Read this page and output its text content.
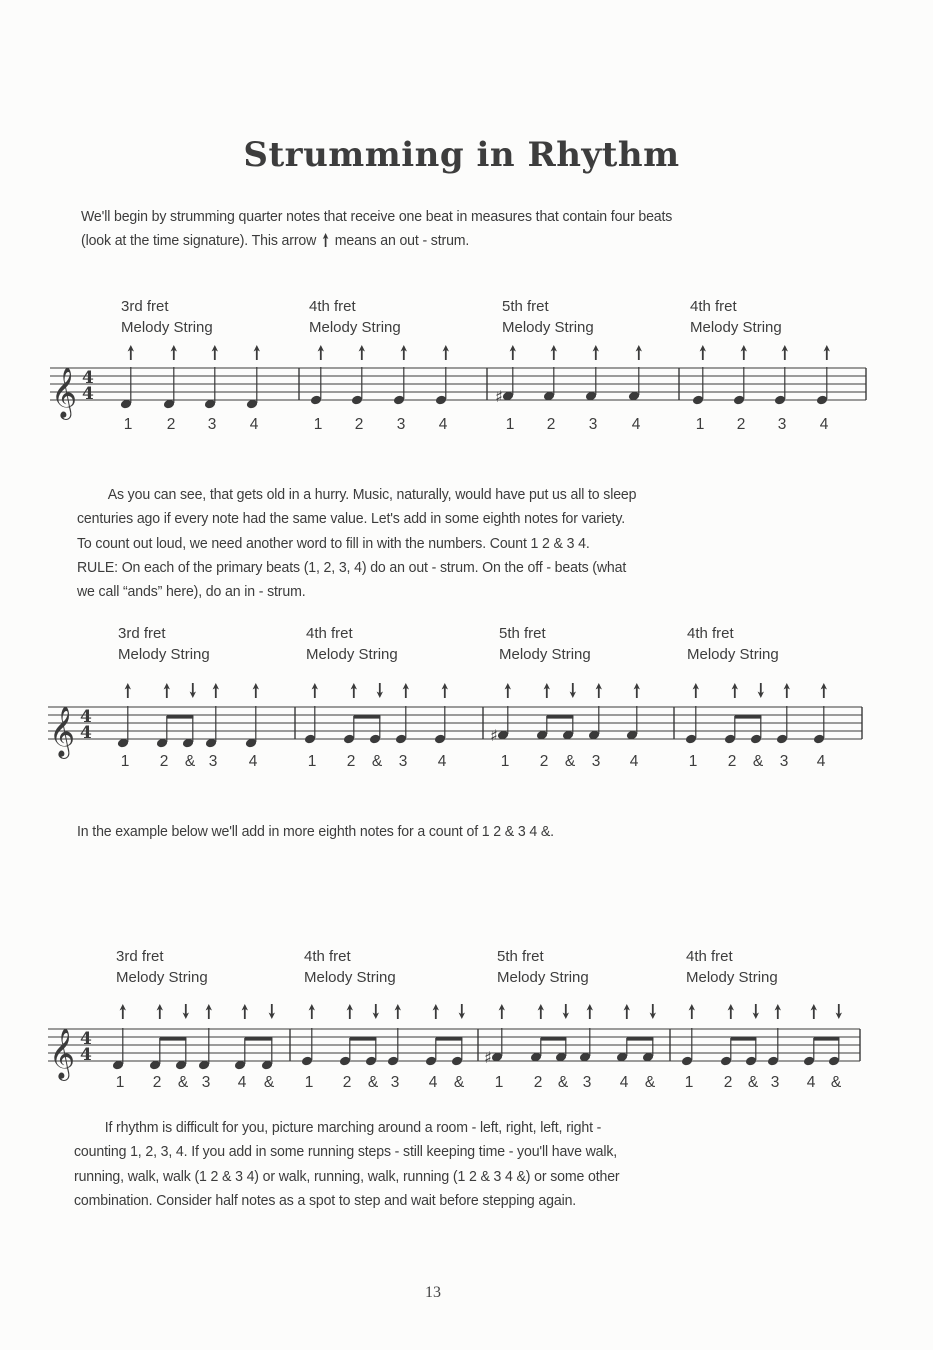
Strumming in Rhythm
We'll begin by strumming quarter notes that receive one beat in measures that contain four beats
(look at the time signature). This arrow means an out - strum.
𝄞 4
4	♯
3rd fret
Melody String
1 2 3 4
4th fret
Melody String
1 2 3 4
5th fret
Melody String
1 2 3 4
4th fret
Melody String
1 2 3 4
As you can see, that gets old in a hurry. Music, naturally, would have put us all to sleep
centuries ago if every note had the same value. Let's add in some eighth notes for variety.
To count out loud, we need another word to fill in with the numbers. Count 1 2 & 3 4.
RULE: On each of the primary beats (1, 2, 3, 4) do an out - strum. On the off - beats (what
we call “ands” here), do an in - strum.
𝄞 4
4	♯
3rd fret
Melody String
1 2 & 3 4
4th fret
Melody String
1 2 & 3 4
5th fret
Melody String
1 2 & 3 4
4th fret
Melody String
1 2 & 3 4
In the example below we'll add in more eighth notes for a count of 1 2 & 3 4 &.
𝄞 4
4	♯
3rd fret
Melody String
1 2 & 3 4 &
4th fret
Melody String
1 2 & 3 4 &
5th fret
Melody String
1 2 & 3 4 &
4th fret
Melody String
1 2 & 3 4 &
If rhythm is difficult for you, picture marching around a room - left, right, left, right -
counting 1, 2, 3, 4. If you add in some running steps - still keeping time - you'll have walk,
running, walk, walk (1 2 & 3 4) or walk, running, walk, running (1 2 & 3 4 &) or some other
combination. Consider half notes as a spot to step and wait before stepping again.
13
